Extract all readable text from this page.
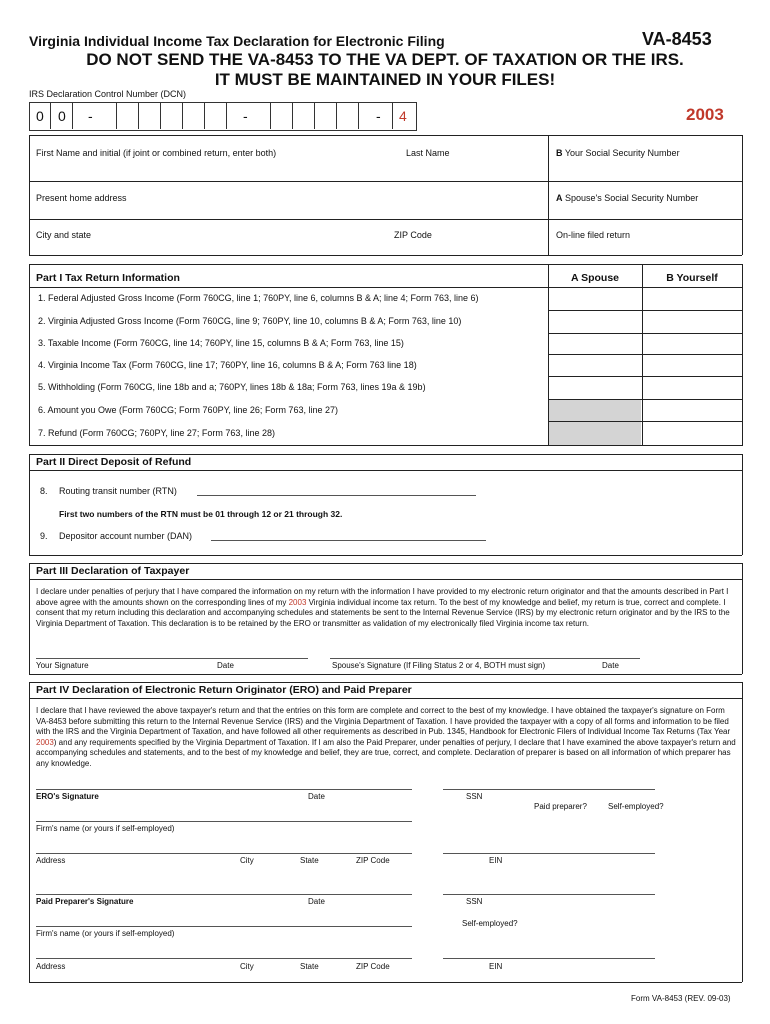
Virginia Individual Income Tax Declaration for Electronic Filing	VA-8453
DO NOT SEND THE VA-8453 TO THE VA DEPT. OF TAXATION OR THE IRS.
IT MUST BE MAINTAINED IN YOUR FILES!
IRS Declaration Control Number (DCN)
0 0 -	-	- 4	2003
First Name and initial (if joint or combined return, enter both)	Last Name	B Your Social Security Number
Present home address	A Spouse's Social Security Number
City and state	ZIP Code	On-line filed return
Part I Tax Return Information	A Spouse	B Yourself
1. Federal Adjusted Gross Income (Form 760CG, line 1; 760PY, line 6, columns B & A; line 4; Form 763, line 6)
2. Virginia Adjusted Gross Income (Form 760CG, line 9; 760PY, line 10, columns B & A; Form 763, line 10)
3. Taxable Income (Form 760CG, line 14; 760PY, line 15, columns B & A; Form 763, line 15)
4. Virginia Income Tax (Form 760CG, line 17; 760PY, line 16, columns B & A; Form 763 line 18)
5. Withholding (Form 760CG, line 18b and a; 760PY, lines 18b & 18a; Form 763, lines 19a & 19b)
6. Amount you Owe (Form 760CG; Form 760PY, line 26; Form 763, line 27)
7. Refund (Form 760CG; 760PY, line 27; Form 763, line 28)
Part II Direct Deposit of Refund
8. Routing transit number (RTN)
First two numbers of the RTN must be 01 through 12 or 21 through 32.
9. Depositor account number (DAN)
Part III Declaration of Taxpayer
I declare under penalties of perjury that I have compared the information on my return with the information I have provided to my electronic return originator and that the amounts described in Part I above agree with the amounts shown on the corresponding lines of my 2003 Virginia individual income tax return. To the best of my knowledge and belief, my return is true, correct and complete. I consent that my return including this declaration and accompanying schedules and statements be sent to the Internal Revenue Service (IRS) by my electronic return originator and by the IRS to the Virginia Department of Taxation. This declaration is to be retained by the ERO or transmitter as validation of my electronically filed Virginia income tax return.
Your Signature	Date	Spouse's Signature (If Filing Status 2 or 4, BOTH must sign)	Date
Part IV Declaration of Electronic Return Originator (ERO) and Paid Preparer
I declare that I have reviewed the above taxpayer's return and that the entries on this form are complete and correct to the best of my knowledge. I have obtained the taxpayer's signature on Form VA-8453 before submitting this return to the Internal Revenue Service (IRS) and the Virginia Department of Taxation. I have provided the taxpayer with a copy of all forms and information to be filed with the IRS and the Virginia Department of Taxation, and have followed all other requirements as described in Pub. 1345, Handbook for Electronic Filers of Individual Income Tax Returns (Tax Year 2003) and any requirements specified by the Virginia Department of Taxation. If I am also the Paid Preparer, under penalties of perjury, I declare that I have examined the above taxpayer's return and accompanying schedules and statements, and to the best of my knowledge and belief, they are true, correct, and complete. Declaration of preparer is based on all information of which preparer has any knowledge.
ERO's Signature	Date	SSN
Paid preparer?	Self-employed?
Firm's name (or yours if self-employed)
Address	City	State	ZIP Code	EIN
Paid Preparer's Signature	Date	SSN
Self-employed?
Firm's name (or yours if self-employed)
Address	City	State	ZIP Code	EIN
Form VA-8453 (REV. 09-03)
